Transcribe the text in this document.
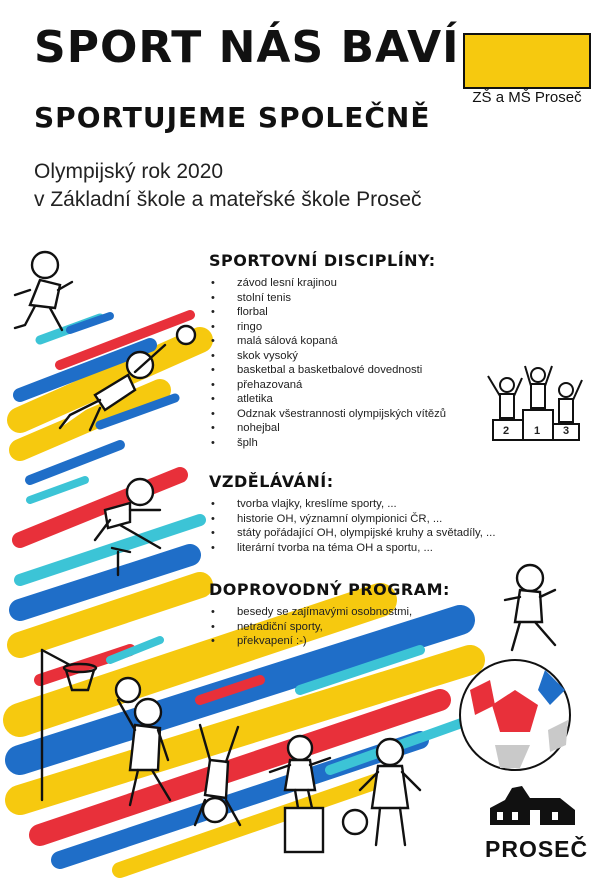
2 1 3
SPORT NÁS BAVÍ
SPORTUJEME SPOLEČNĚ
Olympijský rok 2020
v Základní škole a mateřské škole Proseč
ZŠ a MŠ Proseč
SPORTOVNÍ DISCIPLÍNY:
• závod lesní krajinou
• stolní tenis
• florbal
• ringo
• malá sálová kopaná
• skok vysoký
• basketbal a basketbalové dovednosti
• přehazovaná
• atletika
• Odznak všestrannosti olympijských vítězů
• nohejbal
• šplh
VZDĚLÁVÁNÍ:
• tvorba vlajky, kreslíme sporty, ...
• historie OH, významní olympionici ČR, ...
• státy pořádající OH, olympijské kruhy a světadíly, ...
• literární tvorba na téma OH a sportu, ...
DOPROVODNÝ PROGRAM:
• besedy se zajímavými osobnostmi,
• netradiční sporty,
• překvapení :-)
PROSEČ
